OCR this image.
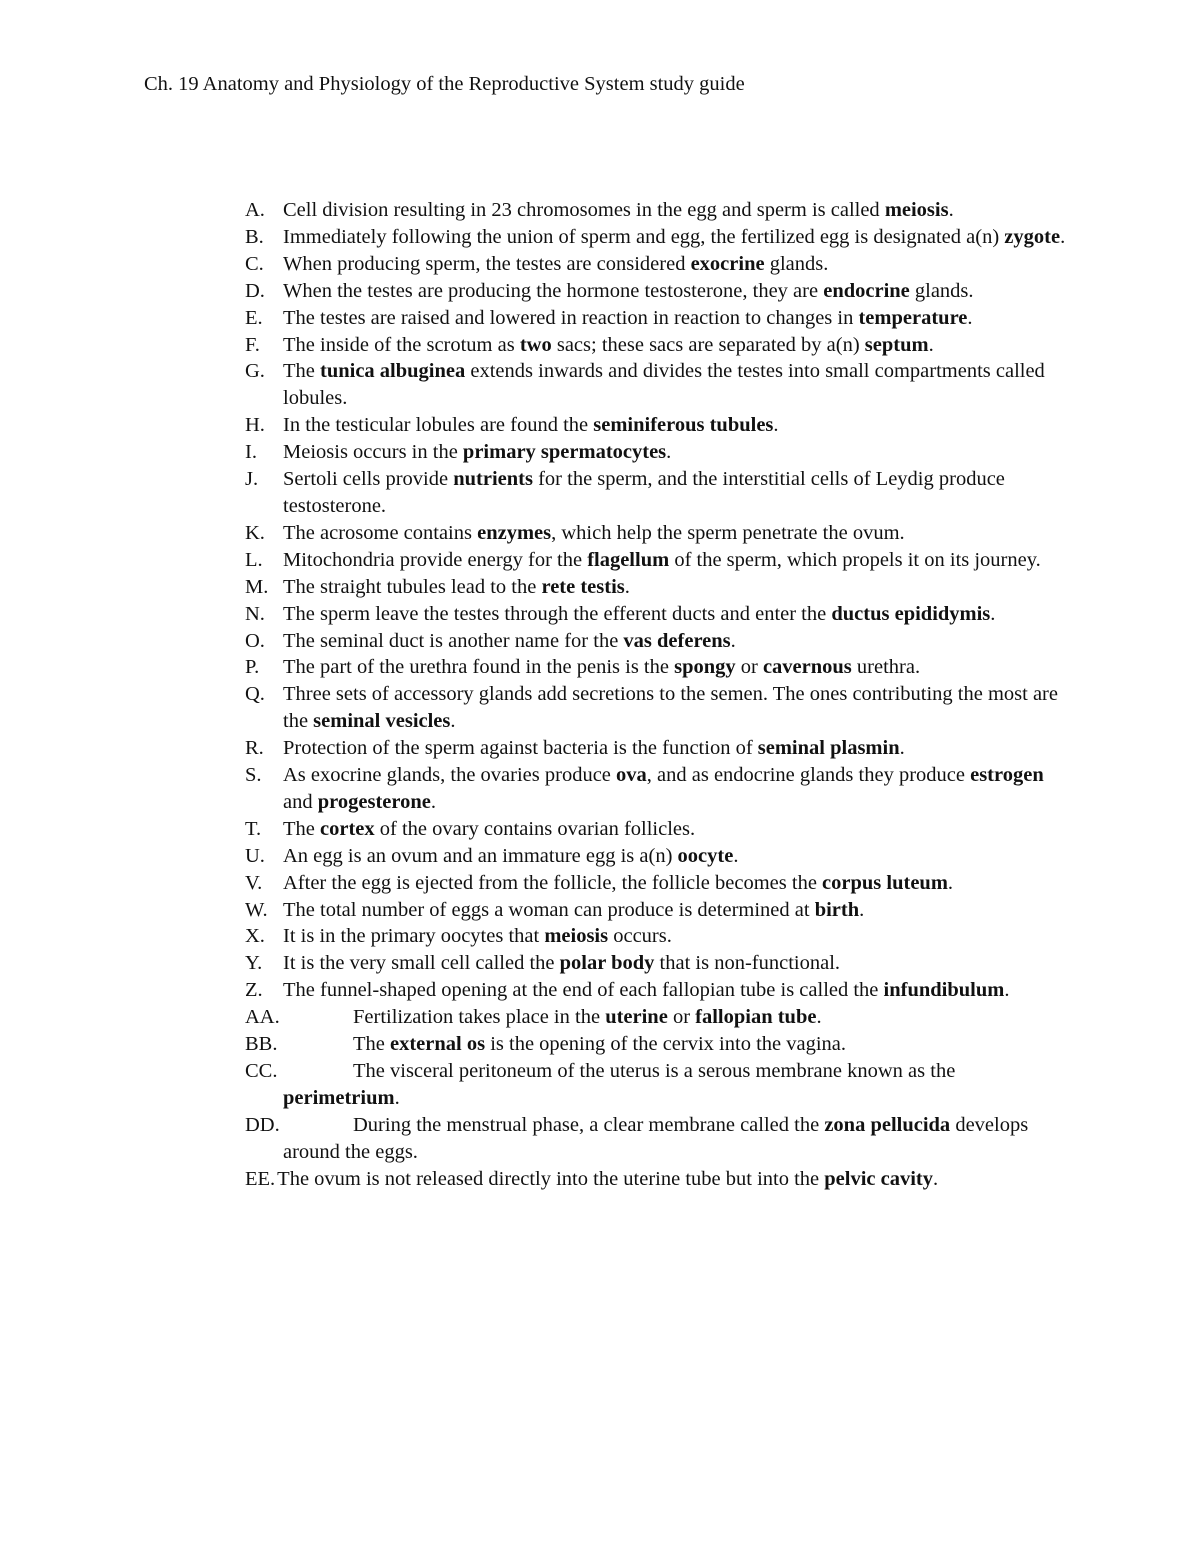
Ch. 19 Anatomy and Physiology of the Reproductive System study guide
A. Cell division resulting in 23 chromosomes in the egg and sperm is called meiosis.
B. Immediately following the union of sperm and egg, the fertilized egg is designated a(n) zygote.
C. When producing sperm, the testes are considered exocrine glands.
D. When the testes are producing the hormone testosterone, they are endocrine glands.
E. The testes are raised and lowered in reaction in reaction to changes in temperature.
F. The inside of the scrotum as two sacs; these sacs are separated by a(n) septum.
G. The tunica albuginea extends inwards and divides the testes into small compartments called lobules.
H. In the testicular lobules are found the seminiferous tubules.
I. Meiosis occurs in the primary spermatocytes.
J. Sertoli cells provide nutrients for the sperm, and the interstitial cells of Leydig produce testosterone.
K. The acrosome contains enzymes, which help the sperm penetrate the ovum.
L. Mitochondria provide energy for the flagellum of the sperm, which propels it on its journey.
M. The straight tubules lead to the rete testis.
N. The sperm leave the testes through the efferent ducts and enter the ductus epididymis.
O. The seminal duct is another name for the vas deferens.
P. The part of the urethra found in the penis is the spongy or cavernous urethra.
Q. Three sets of accessory glands add secretions to the semen. The ones contributing the most are the seminal vesicles.
R. Protection of the sperm against bacteria is the function of seminal plasmin.
S. As exocrine glands, the ovaries produce ova, and as endocrine glands they produce estrogen and progesterone.
T. The cortex of the ovary contains ovarian follicles.
U. An egg is an ovum and an immature egg is a(n) oocyte.
V. After the egg is ejected from the follicle, the follicle becomes the corpus luteum.
W. The total number of eggs a woman can produce is determined at birth.
X. It is in the primary oocytes that meiosis occurs.
Y. It is the very small cell called the polar body that is non-functional.
Z. The funnel-shaped opening at the end of each fallopian tube is called the infundibulum.
AA.	Fertilization takes place in the uterine or fallopian tube.
BB.	The external os is the opening of the cervix into the vagina.
CC.	The visceral peritoneum of the uterus is a serous membrane known as the perimetrium.
DD.	During the menstrual phase, a clear membrane called the zona pellucida develops around the eggs.
EE.The ovum is not released directly into the uterine tube but into the pelvic cavity.
